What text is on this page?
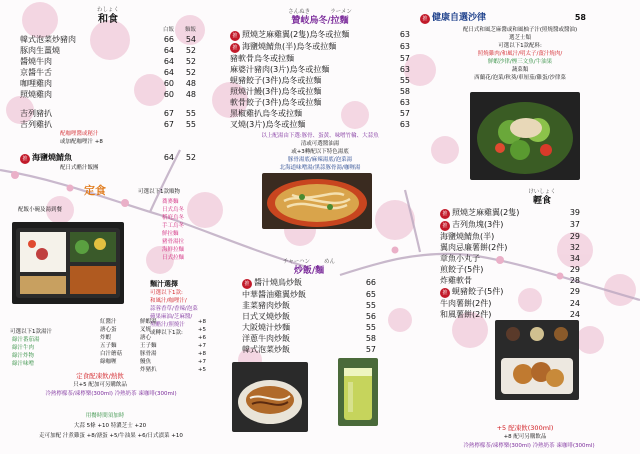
わしょく
和食
白飯	麵飯
韓式泡菜炒豬肉	66	54
豚肉生薑燒	64	52
醬燒牛肉	64	52
京醬牛舌	64	52
咖哩雞肉	60	48
照燒雞肉	60	48
吉列豬扒	67	55
吉列雞扒	67	55
配咖哩醬或秘汁
或加配咖哩汁 +8
推 海鹽燒鯖魚	64	52
配日式醋汁飯團
定食
配飯小碗及湯到餐
可選以下1款順物
蕎麥麵
日式烏冬
稻庭烏冬
手工烏冬
鮮拉麵
豬骨湯拉
海鮮拉麵
日式拉麵
麵汁選擇
可選以下1款:
和風汁/咖哩汁/
蒜蓉香草/香辣/泡菜
蘋果麻油/芝麻醬/
黑醋汁/照燒汁
或轉以下1款:
可選以下1款湯汁
綠汁番茄湯
綠汁牛肉
綠汁炸物
綠汁味噌
紅醬汁
溏心蛋
炸蝦
五子麵
白汁蘑菇
綠咖喱
鮮蝦湯	+8
叉燒	+5
溏心	+6
王子麵	+7
豚骨湯	+8
鰻魚	+7
炸豬扒	+5
定食配凍飲/熱飲
只+5 配加可另購飲品
冷熱檸檬茶/凍檸樂(300ml) 冷熱奶茶 凍咖啡(300ml)
用餐時間須加時
大蒜 5條 +10 特濃芝士 +20
走可加配 汁煮雞蛋 +8/溏蛋 +5/牛油果 +6/日式漬菜 +10
さんぬき	ラーメン
贊岐烏冬/拉麵
推 照燒芝麻雞翼(2隻)烏冬或拉麵	63
推 海鹽燒鯖魚(半)烏冬或拉麵	63
豬軟骨烏冬或拉麵	57
麻婆汁豬肉(3片)烏冬或拉麵	63
蜆豬餃子(3件)烏冬或拉麵	55
照燒汁鰻(3件)烏冬或拉麵	58
軟骨餃子(3件)烏冬或拉麵	63
黑椒雞扒烏冬或拉麵	57
叉燒(3片)烏冬或拉麵	63
以上配湯由下選:豚骨、蛋黃、味噌竹輪、大蒜魚
清或可選醬油湯
或+3轉配以下特色湯底
豚骨湯底/麻辣湯底/泡菜湯
北海道味噌湯/黑蒜豚骨湯/咖喱湯
チャーハン	めん
炒飯/麵
推 醬汁燒鳥炒飯	66
中華醬油雞翼炒飯	65
韭菜豬肉炒飯	55
日式叉燒炒飯	56
大阪燒汁炒麵	55
洋蔥牛肉炒飯	58
韓式泡菜炒飯	57
推 健康自選沙律	58
配日式和風芝麻醬或和風柚子汁(照燒醬或醬油)
選芝士類
可選以下1款配料:
照燒雞肉/和風汁/明太子/薑汁燒肉/
鮮蝦沙律/煙三文魚/牛油果
蔬菜類
西蘭花/泡菜/秋葵/車厘茄/雞蛋/沙律菜
けいしょく
輕食
推 照燒芝麻雞翼(2隻)	39
推 吉列魚塊(3件)	37
海鹽燒鯖魚(半)	29
翼肉忌廉薯餅(2件)	32
章魚小丸子	34
煎餃子(5件)	29
炸雞軟骨	28
推 蜆豬餃子(5件)	29
牛肉薯餅(2件)	24
和風薯餅(2件)	24
+5 配凍飲(300ml)
+8 配可另購飲品
冷熱檸檬茶/凍檸樂(300ml) 冷熱奶茶 凍咖啡(300ml)
